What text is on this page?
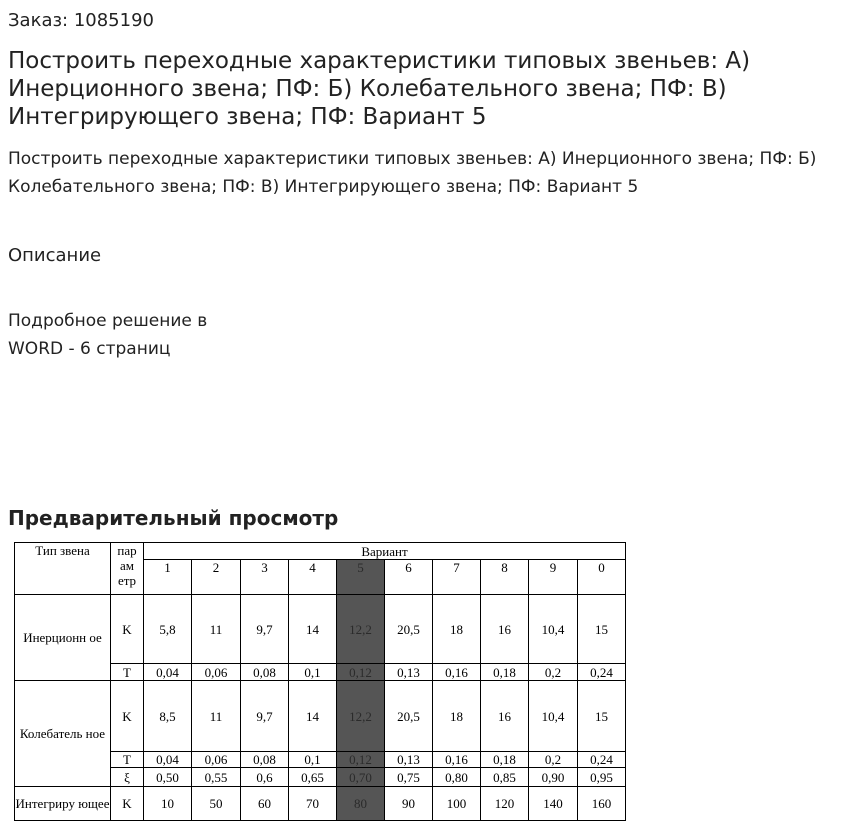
Заказ: 1085190
Построить переходные характеристики типовых звеньев: А) Инерционного звена; ПФ: Б) Колебательного звена; ПФ: В) Интегрирующего звена; ПФ: Вариант 5
Построить переходные характеристики типовых звеньев: А) Инерционного звена; ПФ: Б) Колебательного звена; ПФ: В) Интегрирующего звена; ПФ: Вариант 5
Описание
Подробное решение в WORD - 6 страниц
Предварительный просмотр
Тип звена	пар ам етр	Вариант									
		1	2	3	4	5	6	7	8	9	0
Инерционн ое	K	5,8	11	9,7	14	12,2	20,5	18	16	10,4	15
	T	0,04	0,06	0,08	0,1	0,12	0,13	0,16	0,18	0,2	0,24
Колебатель ное	K	8,5	11	9,7	14	12,2	20,5	18	16	10,4	15
	T	0,04	0,06	0,08	0,1	0,12	0,13	0,16	0,18	0,2	0,24
	ξ	0,50	0,55	0,6	0,65	0,70	0,75	0,80	0,85	0,90	0,95
Интегриру ющее	K	10	50	60	70	80	90	100	120	140	160
